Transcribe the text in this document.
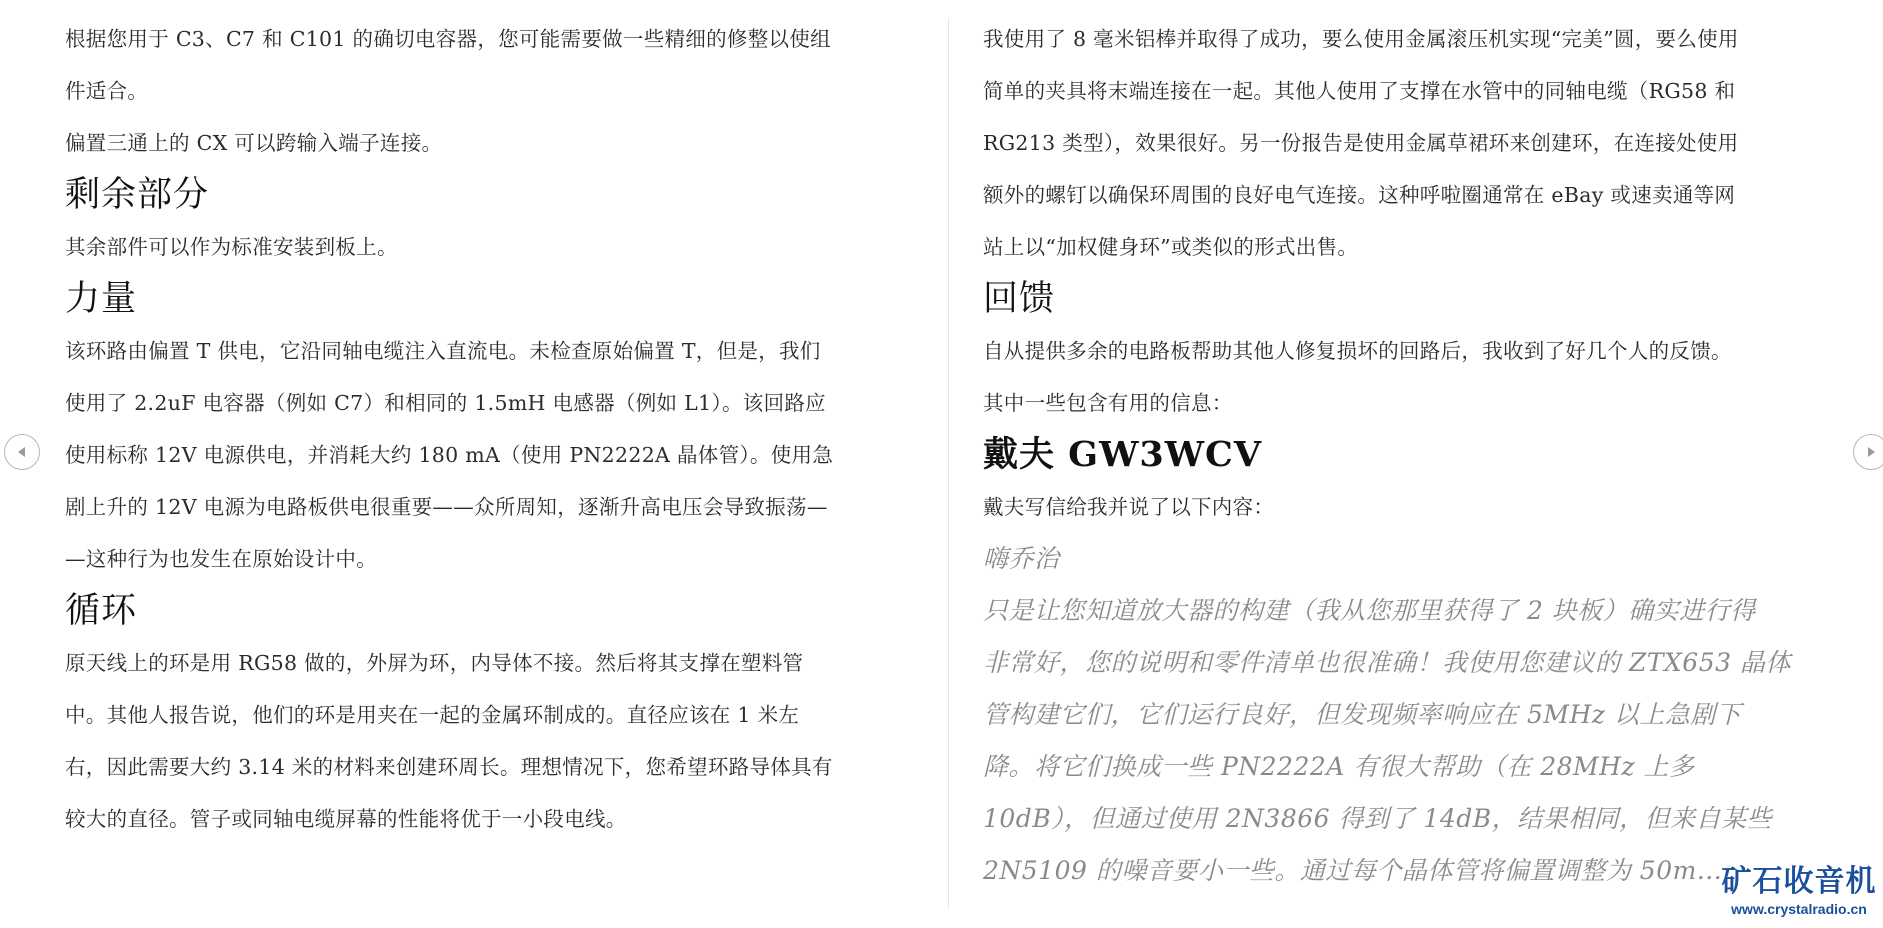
根据您用于 C3、C7 和 C101 的确切电容器，您可能需要做一些精细的修整以使组

件适合。

偏置三通上的 CX 可以跨输入端子连接。

剩余部分

其余部件可以作为标准安装到板上。

力量

该环路由偏置 T 供电，它沿同轴电缆注入直流电。未检查原始偏置 T，但是，我们

使用了 2.2uF 电容器（例如 C7）和相同的 1.5mH 电感器（例如 L1）。该回路应

使用标称 12V 电源供电，并消耗大约 180 mA（使用 PN2222A 晶体管）。使用急

剧上升的 12V 电源为电路板供电很重要——众所周知，逐渐升高电压会导致振荡—

—这种行为也发生在原始设计中。

循环

原天线上的环是用 RG58 做的，外屏为环，内导体不接。然后将其支撑在塑料管

中。其他人报告说，他们的环是用夹在一起的金属环制成的。直径应该在 1 米左

右，因此需要大约 3.14 米的材料来创建环周长。理想情况下，您希望环路导体具有

较大的直径。管子或同轴电缆屏幕的性能将优于一小段电线。

我使用了 8 毫米铝棒并取得了成功，要么使用金属滚压机实现“完美”圆，要么使用

简单的夹具将末端连接在一起。其他人使用了支撑在水管中的同轴电缆（RG58 和

RG213 类型），效果很好。另一份报告是使用金属草裙环来创建环，在连接处使用

额外的螺钉以确保环周围的良好电气连接。这种呼啦圈通常在 eBay 或速卖通等网

站上以“加权健身环”或类似的形式出售。

回馈

自从提供多余的电路板帮助其他人修复损坏的回路后，我收到了好几个人的反馈。

其中一些包含有用的信息：

戴夫 GW3WCV

戴夫写信给我并说了以下内容：

嗨乔治

只是让您知道放大器的构建（我从您那里获得了 2 块板）确实进行得

非常好，您的说明和零件清单也很准确！我使用您建议的 ZTX653 晶体

管构建它们，它们运行良好，但发现频率响应在 5MHz 以上急剧下

降。将它们换成一些 PN2222A 有很大帮助（在 28MHz 上多

10dB），但通过使用 2N3866 得到了 14dB，结果相同，但来自某些

2N5109 的噪音要小一些。通过每个晶体管将偏置调整为 50m... 矿石收音机
www.crystalradio.cn
